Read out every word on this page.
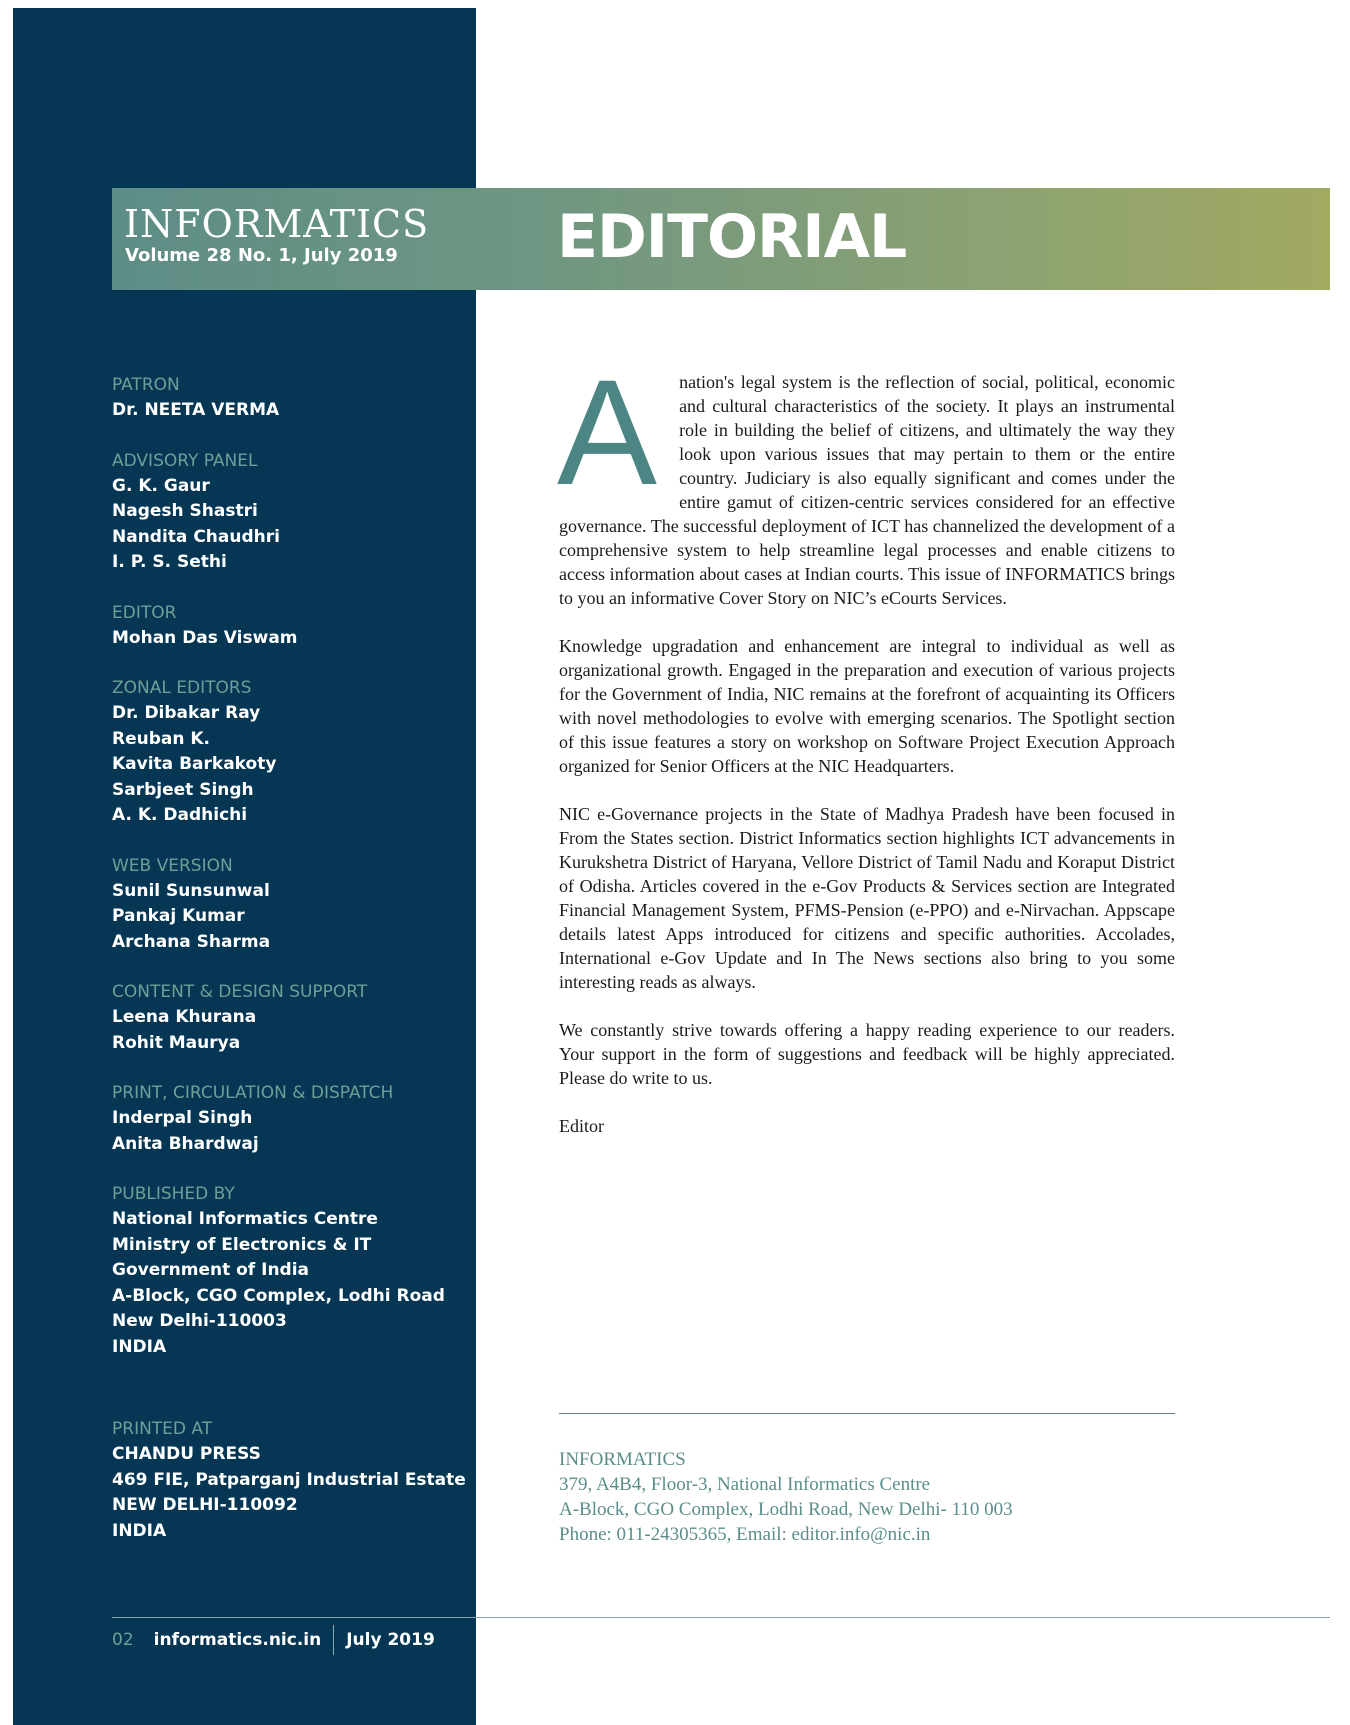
INFORMATICS
Volume 28 No. 1, July 2019	EDITORIAL
PATRON
Dr. NEETA VERMA
ADVISORY PANEL
G. K. Gaur
Nagesh Shastri
Nandita Chaudhri
I. P. S. Sethi
EDITOR
Mohan Das Viswam
ZONAL EDITORS
Dr. Dibakar Ray
Reuban K.
Kavita Barkakoty
Sarbjeet Singh
A. K. Dadhichi
WEB VERSION
Sunil Sunsunwal
Pankaj Kumar
Archana Sharma
CONTENT & DESIGN SUPPORT
Leena Khurana
Rohit Maurya
PRINT, CIRCULATION & DISPATCH
Inderpal Singh
Anita Bhardwaj
PUBLISHED BY
National Informatics Centre
Ministry of Electronics & IT
Government of India
A-Block, CGO Complex, Lodhi Road
New Delhi-110003
INDIA
PRINTED AT
CHANDU PRESS
469 FIE, Patparganj Industrial Estate
NEW DELHI-110092
INDIA
02 informatics.nic.in July 2019

A nation's legal system is the reflection of social, political, economic and cultural characteristics of the society. It plays an instrumental role in building the belief of citizens, and ultimately the way they look upon various issues that may pertain to them or the entire country. Judiciary is also equally significant and comes under the entire gamut of citizen-centric services considered for an effective governance. The successful deployment of ICT has channelized the development of a comprehensive system to help streamline legal processes and enable citizens to access information about cases at Indian courts. This issue of INFORMATICS brings to you an informative Cover Story on NIC’s eCourts Services.

Knowledge upgradation and enhancement are integral to individual as well as organizational growth. Engaged in the preparation and execution of various projects for the Government of India, NIC remains at the forefront of acquainting its Officers with novel methodologies to evolve with emerging scenarios. The Spotlight section of this issue features a story on workshop on Software Project Execution Approach organized for Senior Officers at the NIC Headquarters.

NIC e-Governance projects in the State of Madhya Pradesh have been focused in From the States section. District Informatics section highlights ICT advancements in Kurukshetra District of Haryana, Vellore District of Tamil Nadu and Koraput District of Odisha. Articles covered in the e-Gov Products & Services section are Integrated Financial Management System, PFMS-Pension (e-PPO) and e-Nirvachan. Appscape details latest Apps introduced for citizens and specific authorities. Accolades, International e-Gov Update and In The News sections also bring to you some interesting reads as always.

We constantly strive towards offering a happy reading experience to our readers. Your support in the form of suggestions and feedback will be highly appreciated. Please do write to us.

Editor

INFORMATICS
379, A4B4, Floor-3, National Informatics Centre
A-Block, CGO Complex, Lodhi Road, New Delhi- 110 003
Phone: 011-24305365, Email: editor.info@nic.in
